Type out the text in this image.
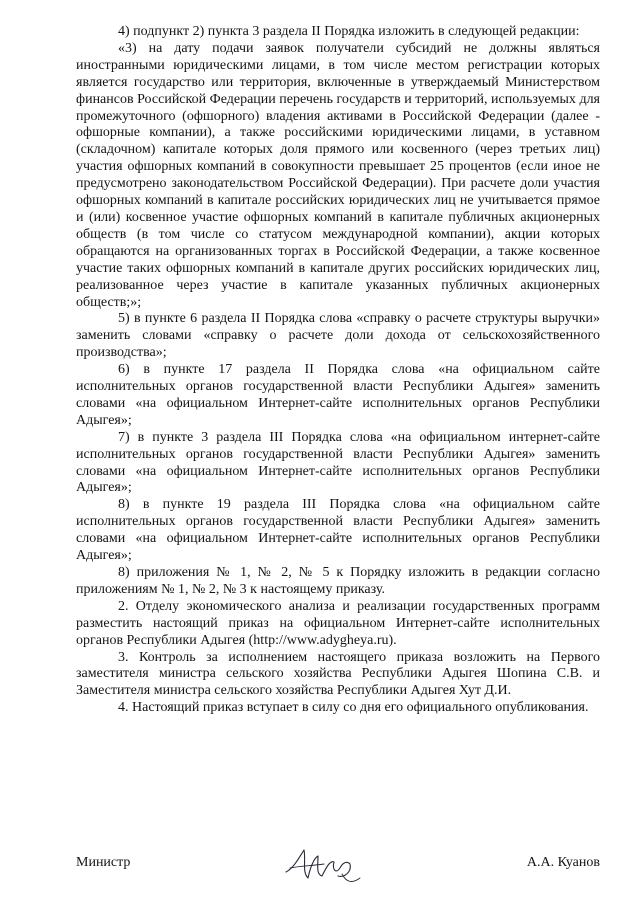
4) подпункт 2) пункта 3 раздела II Порядка изложить в следующей редакции:

«3) на дату подачи заявок получатели субсидий не должны являться иностранными юридическими лицами, в том числе местом регистрации которых является государство или территория, включенные в утверждаемый Министерством финансов Российской Федерации перечень государств и территорий, используемых для промежуточного (офшорного) владения активами в Российской Федерации (далее - офшорные компании), а также российскими юридическими лицами, в уставном (складочном) капитале которых доля прямого или косвенного (через третьих лиц) участия офшорных компаний в совокупности превышает 25 процентов (если иное не предусмотрено законодательством Российской Федерации). При расчете доли участия офшорных компаний в капитале российских юридических лиц не учитывается прямое и (или) косвенное участие офшорных компаний в капитале публичных акционерных обществ (в том числе со статусом международной компании), акции которых обращаются на организованных торгах в Российской Федерации, а также косвенное участие таких офшорных компаний в капитале других российских юридических лиц, реализованное через участие в капитале указанных публичных акционерных обществ;»;

5) в пункте 6 раздела II Порядка слова «справку о расчете структуры выручки» заменить словами «справку о расчете доли дохода от сельскохозяйственного производства»;

6) в пункте 17 раздела II Порядка слова «на официальном сайте исполнительных органов государственной власти Республики Адыгея» заменить словами «на официальном Интернет-сайте исполнительных органов Республики Адыгея»;

7) в пункте 3 раздела III Порядка слова «на официальном интернет-сайте исполнительных органов государственной власти Республики Адыгея» заменить словами «на официальном Интернет-сайте исполнительных органов Республики Адыгея»;

8) в пункте 19 раздела III Порядка слова «на официальном сайте исполнительных органов государственной власти Республики Адыгея» заменить словами «на официальном Интернет-сайте исполнительных органов Республики Адыгея»;

8) приложения № 1, № 2, № 5 к Порядку изложить в редакции согласно приложениям № 1, № 2, № 3 к настоящему приказу.

2. Отделу экономического анализа и реализации государственных программ разместить настоящий приказ на официальном Интернет-сайте исполнительных органов Республики Адыгея (http://www.adygheya.ru).

3. Контроль за исполнением настоящего приказа возложить на Первого заместителя министра сельского хозяйства Республики Адыгея Шопина С.В. и Заместителя министра сельского хозяйства Республики Адыгея Хут Д.И.

4. Настоящий приказ вступает в силу со дня его официального опубликования.

Министр	А.А. Куанов
